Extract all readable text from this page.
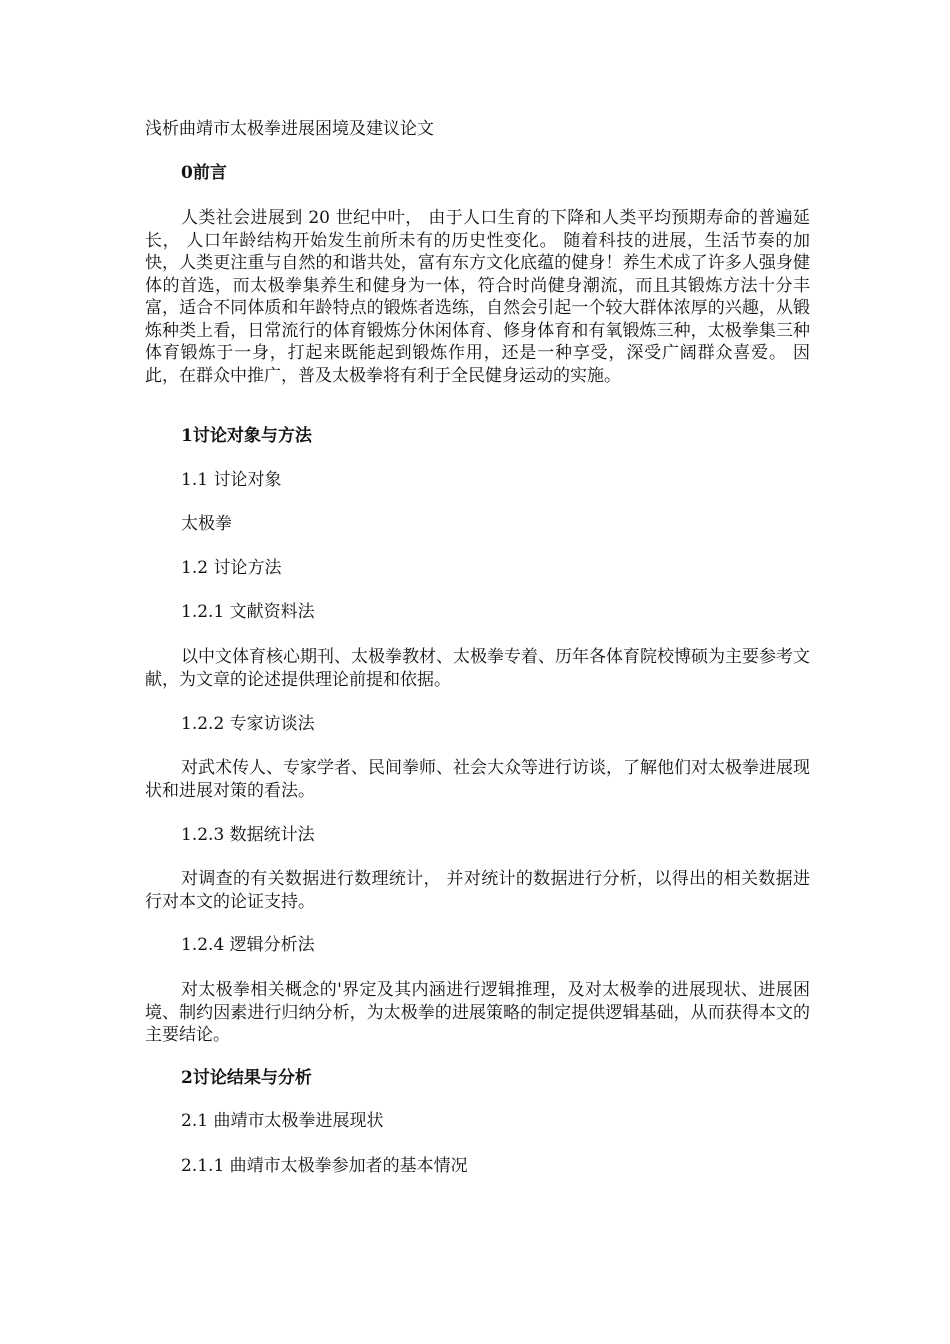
浅析曲靖市太极拳进展困境及建议论文
0前言
人类社会进展到 20 世纪中叶， 由于人口生育的下降和人类平均预期寿命的普遍延长， 人口年龄结构开始发生前所未有的历史性变化。 随着科技的进展，生活节奏的加快，人类更注重与自然的和谐共处，富有东方文化底蕴的健身！养生术成了许多人强身健体的首选，而太极拳集养生和健身为一体，符合时尚健身潮流，而且其锻炼方法十分丰富，适合不同体质和年龄特点的锻炼者选练，自然会引起一个较大群体浓厚的兴趣，从锻炼种类上看，日常流行的体育锻炼分休闲体育、修身体育和有氧锻炼三种，太极拳集三种体育锻炼于一身，打起来既能起到锻炼作用，还是一种享受，深受广阔群众喜爱。 因此，在群众中推广，普及太极拳将有利于全民健身运动的实施。
1讨论对象与方法
1.1 讨论对象
太极拳
1.2 讨论方法
1.2.1 文献资料法
以中文体育核心期刊、太极拳教材、太极拳专着、历年各体育院校博硕为主要参考文献，为文章的论述提供理论前提和依据。
1.2.2 专家访谈法
对武术传人、专家学者、民间拳师、社会大众等进行访谈，了解他们对太极拳进展现状和进展对策的看法。
1.2.3 数据统计法
对调查的有关数据进行数理统计， 并对统计的数据进行分析，以得出的相关数据进行对本文的论证支持。
1.2.4 逻辑分析法
对太极拳相关概念的'界定及其内涵进行逻辑推理，及对太极拳的进展现状、进展困境、制约因素进行归纳分析，为太极拳的进展策略的制定提供逻辑基础，从而获得本文的主要结论。
2讨论结果与分析
2.1 曲靖市太极拳进展现状
2.1.1 曲靖市太极拳参加者的基本情况
